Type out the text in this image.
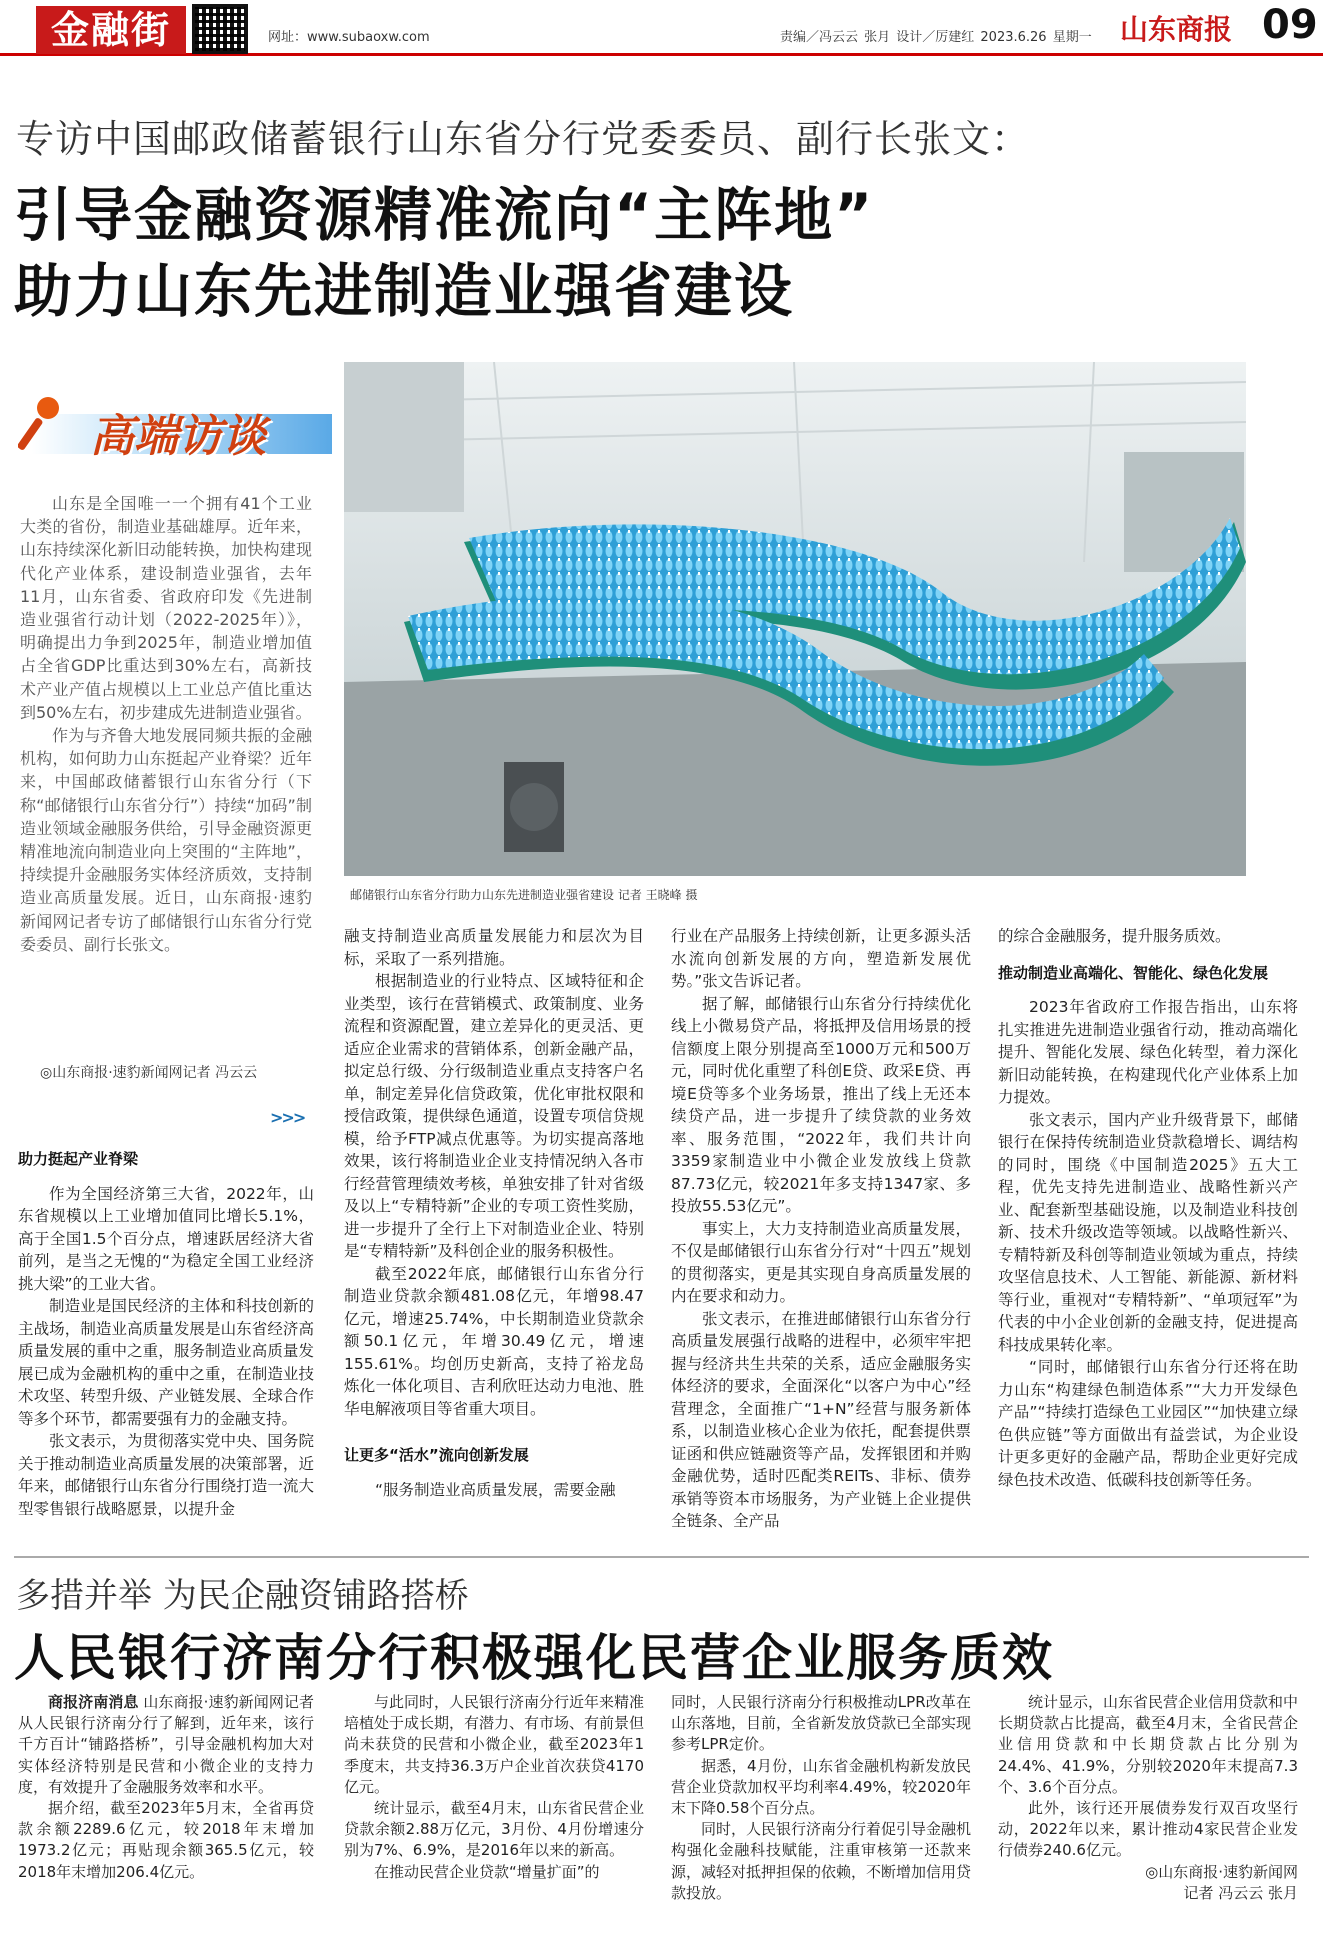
金融街	网址：www.subaoxw.com	责编／冯云云 张月 设计／厉建红 2023.6.26 星期一 山东商报 09
专访中国邮政储蓄银行山东省分行党委委员、副行长张文：
引导金融资源精准流向“主阵地”
助力山东先进制造业强省建设
高端访谈
邮储银行山东省分行助力山东先进制造业强省建设 记者 王晓峰 摄

山东是全国唯一一个拥有41个工业大类的省份，制造业基础雄厚。近年来，山东持续深化新旧动能转换，加快构建现代化产业体系，建设制造业强省，去年11月，山东省委、省政府印发《先进制造业强省行动计划（2022-2025年）》，明确提出力争到2025年，制造业增加值占全省GDP比重达到30%左右，高新技术产业产值占规模以上工业总产值比重达到50%左右，初步建成先进制造业强省。

作为与齐鲁大地发展同频共振的金融机构，如何助力山东挺起产业脊梁？近年来，中国邮政储蓄银行山东省分行（下称“邮储银行山东省分行”）持续“加码”制造业领域金融服务供给，引导金融资源更精准地流向制造业向上突围的“主阵地”，持续提升金融服务实体经济质效，支持制造业高质量发展。近日，山东商报·速豹新闻网记者专访了邮储银行山东省分行党委委员、副行长张文。

◎山东商报·速豹新闻网记者 冯云云
>>>
助力挺起产业脊梁

作为全国经济第三大省，2022年，山东省规模以上工业增加值同比增长5.1%，高于全国1.5个百分点，增速跃居经济大省前列，是当之无愧的“为稳定全国工业经济挑大梁”的工业大省。

制造业是国民经济的主体和科技创新的主战场，制造业高质量发展是山东省经济高质量发展的重中之重，服务制造业高质量发展已成为金融机构的重中之重，在制造业技术攻坚、转型升级、产业链发展、全球合作等多个环节，都需要强有力的金融支持。

张文表示，为贯彻落实党中央、国务院关于推动制造业高质量发展的决策部署，近年来，邮储银行山东省分行围绕打造一流大型零售银行战略愿景，以提升金

融支持制造业高质量发展能力和层次为目标，采取了一系列措施。

根据制造业的行业特点、区域特征和企业类型，该行在营销模式、政策制度、业务流程和资源配置，建立差异化的更灵活、更适应企业需求的营销体系，创新金融产品，拟定总行级、分行级制造业重点支持客户名单，制定差异化信贷政策，优化审批权限和授信政策，提供绿色通道，设置专项信贷规模，给予FTP减点优惠等。为切实提高落地效果，该行将制造业企业支持情况纳入各市行经营管理绩效考核，单独安排了针对省级及以上“专精特新”企业的专项工资性奖励，进一步提升了全行上下对制造业企业、特别是“专精特新”及科创企业的服务积极性。

截至2022年底，邮储银行山东省分行制造业贷款余额481.08亿元，年增98.47亿元，增速25.74%，中长期制造业贷款余额50.1亿元，年增30.49亿元，增速155.61%。均创历史新高，支持了裕龙岛炼化一体化项目、吉利欣旺达动力电池、胜华电解液项目等省重大项目。

让更多“活水”流向创新发展

“服务制造业高质量发展，需要金融

行业在产品服务上持续创新，让更多源头活水流向创新发展的方向，塑造新发展优势。”张文告诉记者。

据了解，邮储银行山东省分行持续优化线上小微易贷产品，将抵押及信用场景的授信额度上限分别提高至1000万元和500万元，同时优化重塑了科创E贷、政采E贷、再境E贷等多个业务场景，推出了线上无还本续贷产品，进一步提升了续贷款的业务效率、服务范围，“2022年，我们共计向3359家制造业中小微企业发放线上贷款87.73亿元，较2021年多支持1347家、多投放55.53亿元”。

事实上，大力支持制造业高质量发展，不仅是邮储银行山东省分行对“十四五”规划的贯彻落实，更是其实现自身高质量发展的内在要求和动力。

张文表示，在推进邮储银行山东省分行高质量发展强行战略的进程中，必须牢牢把握与经济共生共荣的关系，适应金融服务实体经济的要求，全面深化“以客户为中心”经营理念，全面推广“1+N”经营与服务新体系，以制造业核心企业为依托，配套提供票证函和供应链融资等产品，发挥银团和并购金融优势，适时匹配类REITs、非标、债券承销等资本市场服务，为产业链上企业提供全链条、全产品

的综合金融服务，提升服务质效。

推动制造业高端化、智能化、绿色化发展

2023年省政府工作报告指出，山东将扎实推进先进制造业强省行动，推动高端化提升、智能化发展、绿色化转型，着力深化新旧动能转换，在构建现代化产业体系上加力提效。

张文表示，国内产业升级背景下，邮储银行在保持传统制造业贷款稳增长、调结构的同时，围绕《中国制造2025》五大工程，优先支持先进制造业、战略性新兴产业、配套新型基础设施，以及制造业科技创新、技术升级改造等领域。以战略性新兴、专精特新及科创等制造业领域为重点，持续攻坚信息技术、人工智能、新能源、新材料等行业，重视对“专精特新”、“单项冠军”为代表的中小企业创新的金融支持，促进提高科技成果转化率。

“同时，邮储银行山东省分行还将在助力山东“构建绿色制造体系”“大力开发绿色产品”“持续打造绿色工业园区”“加快建立绿色供应链”等方面做出有益尝试，为企业设计更多更好的金融产品，帮助企业更好完成绿色技术改造、低碳科技创新等任务。

多措并举 为民企融资铺路搭桥
人民银行济南分行积极强化民营企业服务质效

商报济南消息 山东商报·速豹新闻网记者从人民银行济南分行了解到，近年来，该行千方百计“铺路搭桥”，引导金融机构加大对实体经济特别是民营和小微企业的支持力度，有效提升了金融服务效率和水平。

据介绍，截至2023年5月末，全省再贷款余额2289.6亿元，较2018年末增加1973.2亿元；再贴现余额365.5亿元，较2018年末增加206.4亿元。

与此同时，人民银行济南分行近年来精准培植处于成长期，有潜力、有市场、有前景但尚未获贷的民营和小微企业，截至2023年1季度末，共支持36.3万户企业首次获贷4170亿元。

统计显示，截至4月末，山东省民营企业贷款余额2.88万亿元，3月份、4月份增速分别为7%、6.9%，是2016年以来的新高。

在推动民营企业贷款“增量扩面”的

同时，人民银行济南分行积极推动LPR改革在山东落地，目前，全省新发放贷款已全部实现参考LPR定价。

据悉，4月份，山东省金融机构新发放民营企业贷款加权平均利率4.49%，较2020年末下降0.58个百分点。

同时，人民银行济南分行着促引导金融机构强化金融科技赋能，注重审核第一还款来源，减轻对抵押担保的依赖，不断增加信用贷款投放。

统计显示，山东省民营企业信用贷款和中长期贷款占比提高，截至4月末，全省民营企业信用贷款和中长期贷款占比分别为24.4%、41.9%，分别较2020年末提高7.3个、3.6个百分点。

此外，该行还开展债券发行双百攻坚行动，2022年以来，累计推动4家民营企业发行债券240.6亿元。

◎山东商报·速豹新闻网

记者 冯云云 张月
